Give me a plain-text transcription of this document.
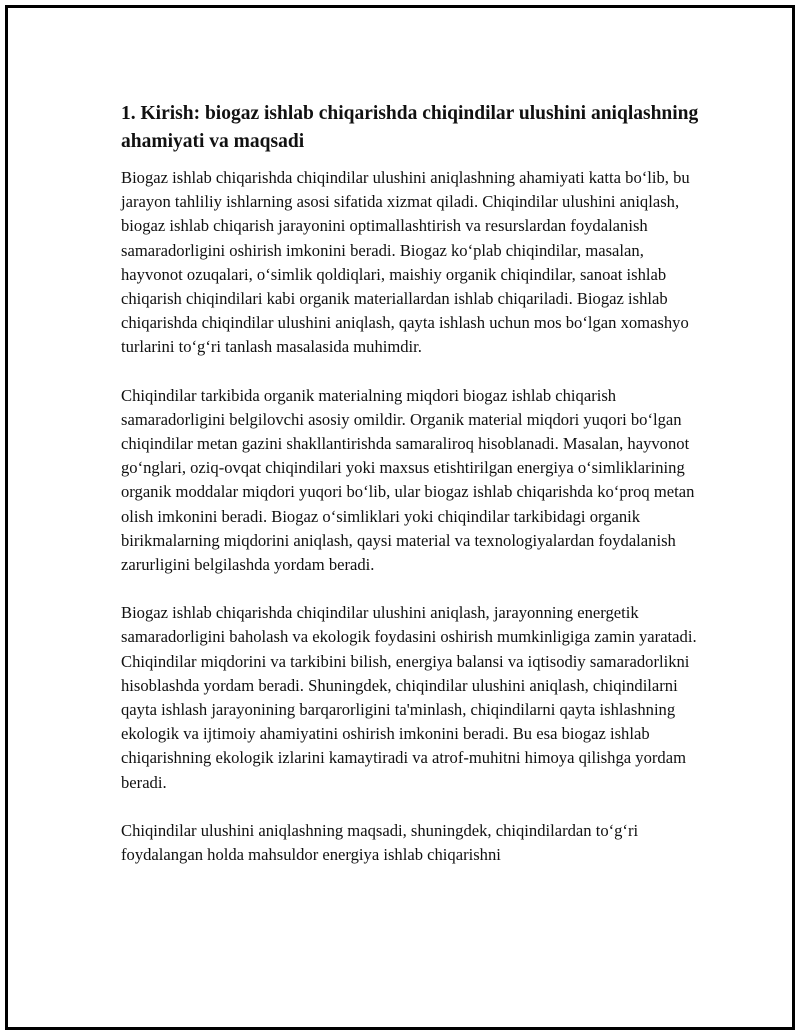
1. Kirish: biogaz ishlab chiqarishda chiqindilar ulushini aniqlashning ahamiyati va maqsadi

Biogaz ishlab chiqarishda chiqindilar ulushini aniqlashning ahamiyati katta bo‘lib, bu jarayon tahliliy ishlarning asosi sifatida xizmat qiladi. Chiqindilar ulushini aniqlash, biogaz ishlab chiqarish jarayonini optimallashtirish va resurslardan foydalanish samaradorligini oshirish imkonini beradi. Biogaz ko‘plab chiqindilar, masalan, hayvonot ozuqalari, o‘simlik qoldiqlari, maishiy organik chiqindilar, sanoat ishlab chiqarish chiqindilari kabi organik materiallardan ishlab chiqariladi. Biogaz ishlab chiqarishda chiqindilar ulushini aniqlash, qayta ishlash uchun mos bo‘lgan xomashyo turlarini to‘g‘ri tanlash masalasida muhimdir.

Chiqindilar tarkibida organik materialning miqdori biogaz ishlab chiqarish samaradorligini belgilovchi asosiy omildir. Organik material miqdori yuqori bo‘lgan chiqindilar metan gazini shakllantirishda samaraliroq hisoblanadi. Masalan, hayvonot go‘nglari, oziq-ovqat chiqindilari yoki maxsus etishtirilgan energiya o‘simliklarining organik moddalar miqdori yuqori bo‘lib, ular biogaz ishlab chiqarishda ko‘proq metan olish imkonini beradi. Biogaz o‘simliklari yoki chiqindilar tarkibidagi organik birikmalarning miqdorini aniqlash, qaysi material va texnologiyalardan foydalanish zarurligini belgilashda yordam beradi.

Biogaz ishlab chiqarishda chiqindilar ulushini aniqlash, jarayonning energetik samaradorligini baholash va ekologik foydasini oshirish mumkinligiga zamin yaratadi. Chiqindilar miqdorini va tarkibini bilish, energiya balansi va iqtisodiy samaradorlikni hisoblashda yordam beradi. Shuningdek, chiqindilar ulushini aniqlash, chiqindilarni qayta ishlash jarayonining barqarorligini ta'minlash, chiqindilarni qayta ishlashning ekologik va ijtimoiy ahamiyatini oshirish imkonini beradi. Bu esa biogaz ishlab chiqarishning ekologik izlarini kamaytiradi va atrof-muhitni himoya qilishga yordam beradi.

Chiqindilar ulushini aniqlashning maqsadi, shuningdek, chiqindilardan to‘g‘ri foydalangan holda mahsuldor energiya ishlab chiqarishni
